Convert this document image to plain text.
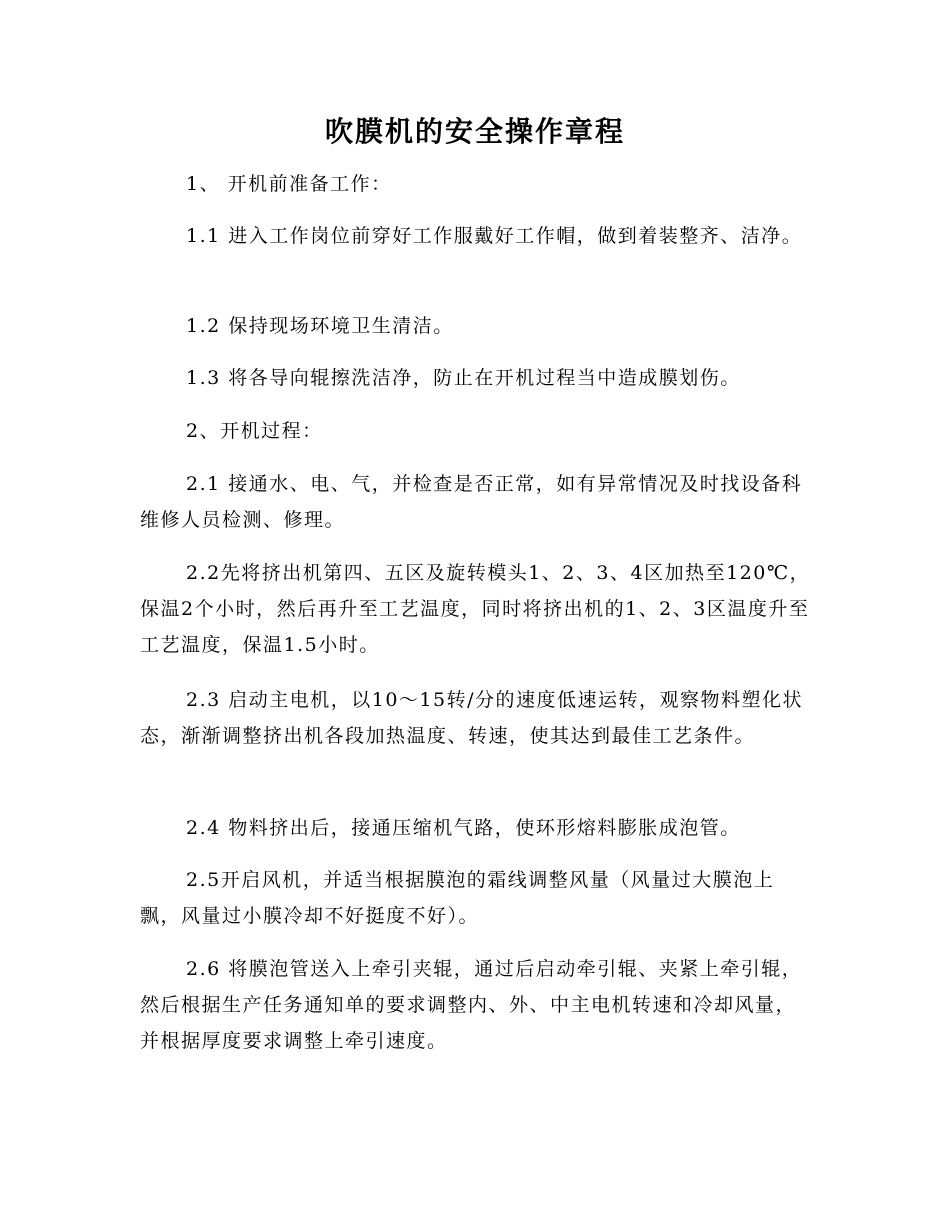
吹膜机的安全操作章程

1、 开机前准备工作：

1.1 进入工作岗位前穿好工作服戴好工作帽，做到着装整齐、洁净。

1.2 保持现场环境卫生清洁。

1.3 将各导向辊擦洗洁净，防止在开机过程当中造成膜划伤。

2、开机过程：

2.1 接通水、电、气，并检查是否正常，如有异常情况及时找设备科维修人员检测、修理。

2.2先将挤出机第四、五区及旋转模头1、2、3、4区加热至120℃，保温2个小时，然后再升至工艺温度，同时将挤出机的1、2、3区温度升至工艺温度，保温1.5小时。

2.3 启动主电机，以10～15转/分的速度低速运转，观察物料塑化状态，渐渐调整挤出机各段加热温度、转速，使其达到最佳工艺条件。

2.4 物料挤出后，接通压缩机气路，使环形熔料膨胀成泡管。

2.5开启风机，并适当根据膜泡的霜线调整风量（风量过大膜泡上飘，风量过小膜冷却不好挺度不好）。

2.6 将膜泡管送入上牵引夹辊，通过后启动牵引辊、夹紧上牵引辊，然后根据生产任务通知单的要求调整内、外、中主电机转速和冷却风量，并根据厚度要求调整上牵引速度。
